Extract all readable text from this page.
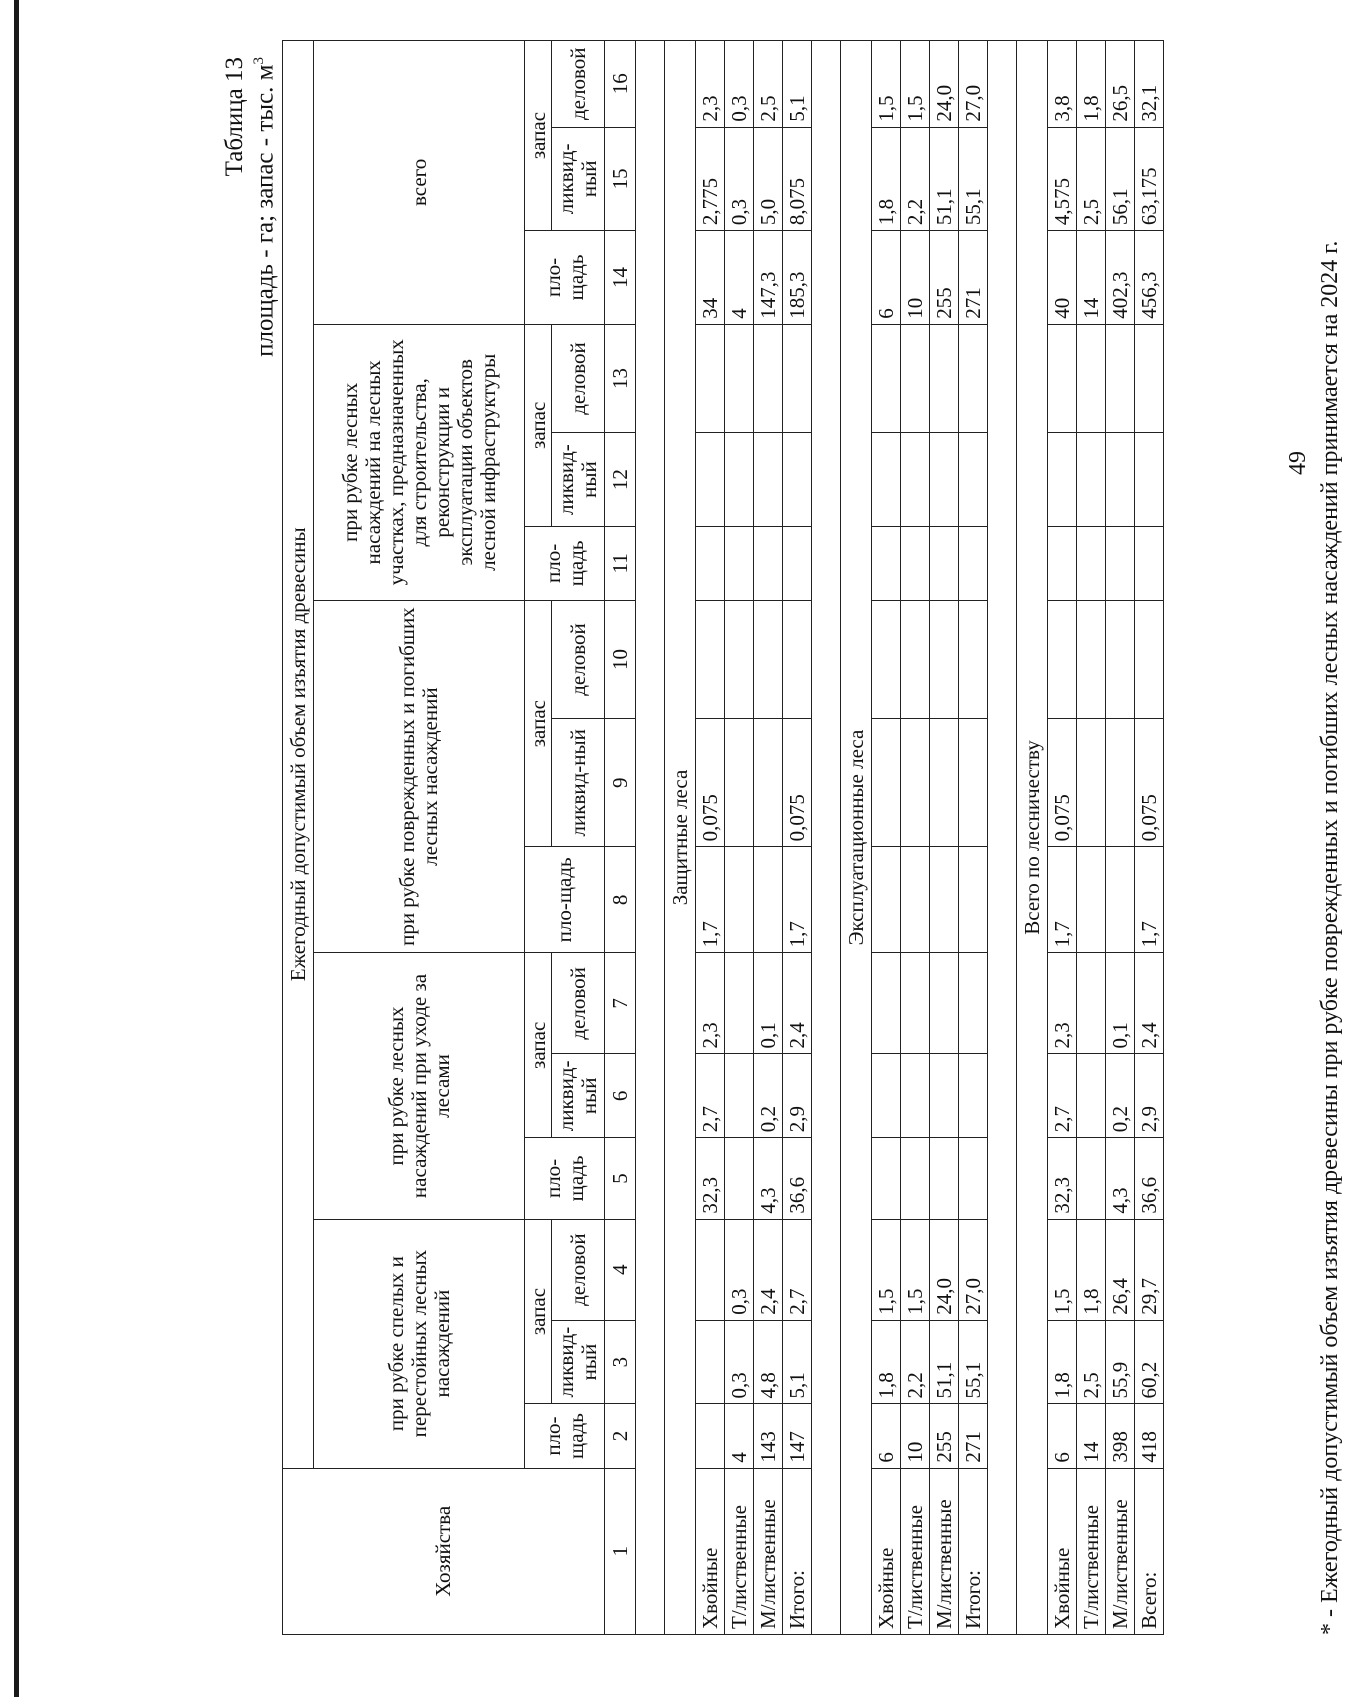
Таблица 13 площадь - га; запас - тыс. $м^3$
Хозяйства	Ежегодный допустимый объем изъятия древесины														
	при рубке спелых и перестойных лесных насаждений			при рубке лесных насаждений при уходе за лесами			при рубке поврежденных и погибших лесных насаждений			при рубке лесных насаждений на лесных участках, предназначенных для строительства, реконструкции и эксплуатации объектов лесной инфраструктуры			всего		
	пло-щадь	запас		пло-щадь	запас		пло-щадь	запас		пло-щадь	запас		пло-щадь	запас	
		ликвид-ный	деловой		ликвид-ный	деловой		ликвид-ный	деловой		ликвид-ный	деловой		ликвид-ный	деловой
1	2	3	4	5	6	7	8	9	10	11	12	13	14	15	16

Защитные леса															
Хвойные				32,3	2,7	2,3	1,7	0,075					34	2,775	2,3
Т/лиственные	4	0,3	0,3										4	0,3	0,3
М/лиственные	143	4,8	2,4	4,3	0,2	0,1							147,3	5,0	2,5
Итого:	147	5,1	2,7	36,6	2,9	2,4	1,7	0,075					185,3	8,075	5,1

Эксплуатационные леса															
Хвойные	6	1,8	1,5										6	1,8	1,5
Т/лиственные	10	2,2	1,5										10	2,2	1,5
М/лиственные	255	51,1	24,0										255	51,1	24,0
Итого:	271	55,1	27,0										271	55,1	27,0

Всего по лесничеству															
Хвойные	6	1,8	1,5	32,3	2,7	2,3	1,7	0,075					40	4,575	3,8
Т/лиственные	14	2,5	1,8										14	2,5	1,8
М/лиственные	398	55,9	26,4	4,3	0,2	0,1							402,3	56,1	26,5
Всего:	418	60,2	29,7	36,6	2,9	2,4	1,7	0,075					456,3	63,175	32,1
* - Ежегодный допустимый объем изъятия древесины при рубке поврежденных и погибших лесных насаждений принимается на 2024 г.
49
